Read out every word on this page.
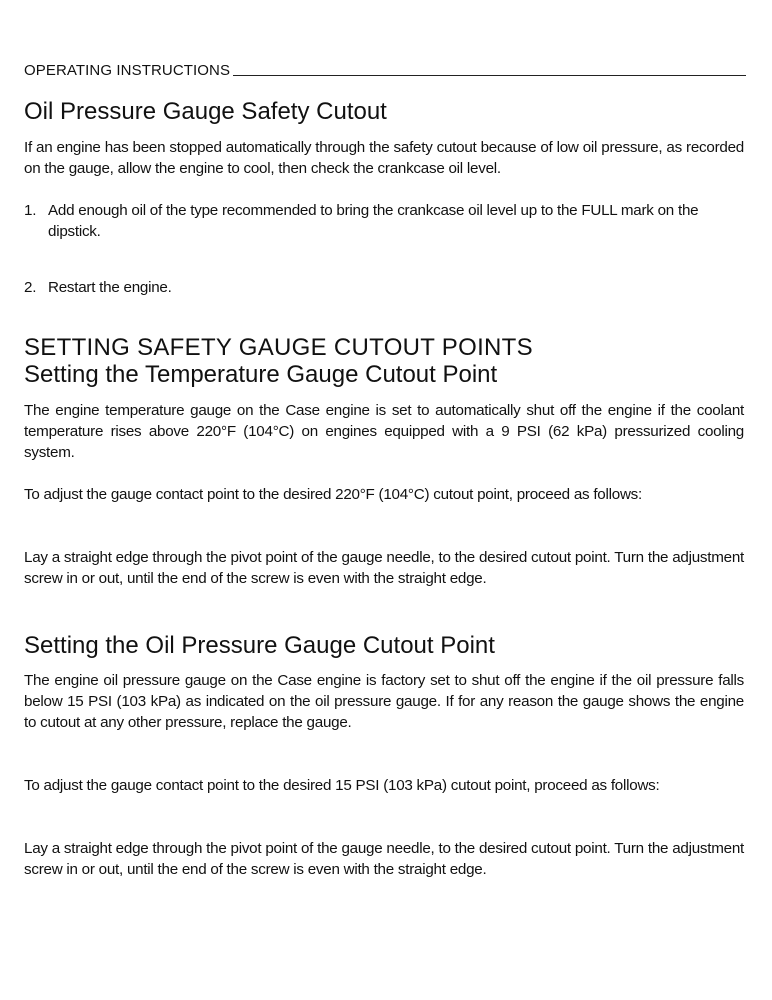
OPERATING INSTRUCTIONS
Oil Pressure Gauge Safety Cutout

If an engine has been stopped automatically through the safety cutout because of low oil pressure, as recorded on the gauge, allow the engine to cool, then check the crankcase oil level.

1. Add enough oil of the type recommended to bring the crankcase oil level up to the FULL mark on the dipstick.
2. Restart the engine.
SETTING SAFETY GAUGE CUTOUT POINTS
Setting the Temperature Gauge Cutout Point

The engine temperature gauge on the Case engine is set to automatically shut off the engine if the coolant temperature rises above 220°F (104°C) on engines equipped with a 9 PSI (62 kPa) pressurized cooling system.

To adjust the gauge contact point to the desired 220°F (104°C) cutout point, proceed as follows:

Lay a straight edge through the pivot point of the gauge needle, to the desired cutout point. Turn the adjustment screw in or out, until the end of the screw is even with the straight edge.

Setting the Oil Pressure Gauge Cutout Point

The engine oil pressure gauge on the Case engine is factory set to shut off the engine if the oil pressure falls below 15 PSI (103 kPa) as indicated on the oil pressure gauge. If for any reason the gauge shows the engine to cutout at any other pressure, replace the gauge.

To adjust the gauge contact point to the desired 15 PSI (103 kPa) cutout point, proceed as follows:

Lay a straight edge through the pivot point of the gauge needle, to the desired cutout point. Turn the adjustment screw in or out, until the end of the screw is even with the straight edge.
